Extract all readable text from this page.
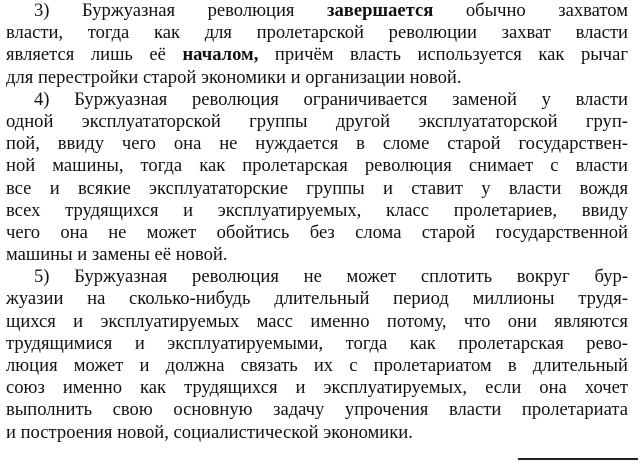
3) Буржуазная революция завершается обычно захватом
власти, тогда как для пролетарской революции захват власти
является лишь её началом, причём власть используется как рычаг
для перестройки старой экономики и организации новой.
4) Буржуазная революция ограничивается заменой у власти
одной эксплуататорской группы другой эксплуататорской груп-
пой, ввиду чего она не нуждается в сломе старой государствен-
ной машины, тогда как пролетарская революция снимает с власти
все и всякие эксплуататорские группы и ставит у власти вождя
всех трудящихся и эксплуатируемых, класс пролетариев, ввиду
чего она не может обойтись без слома старой государственной
машины и замены её новой.
5) Буржуазная революция не может сплотить вокруг бур-
жуазии на сколько-нибудь длительный период миллионы трудя-
щихся и эксплуатируемых масс именно потому, что они являются
трудящимися и эксплуатируемыми, тогда как пролетарская рево-
люция может и должна связать их с пролетариатом в длительный
союз именно как трудящихся и эксплуатируемых, если она хочет
выполнить свою основную задачу упрочения власти пролетариата
и построения новой, социалистической экономики.
